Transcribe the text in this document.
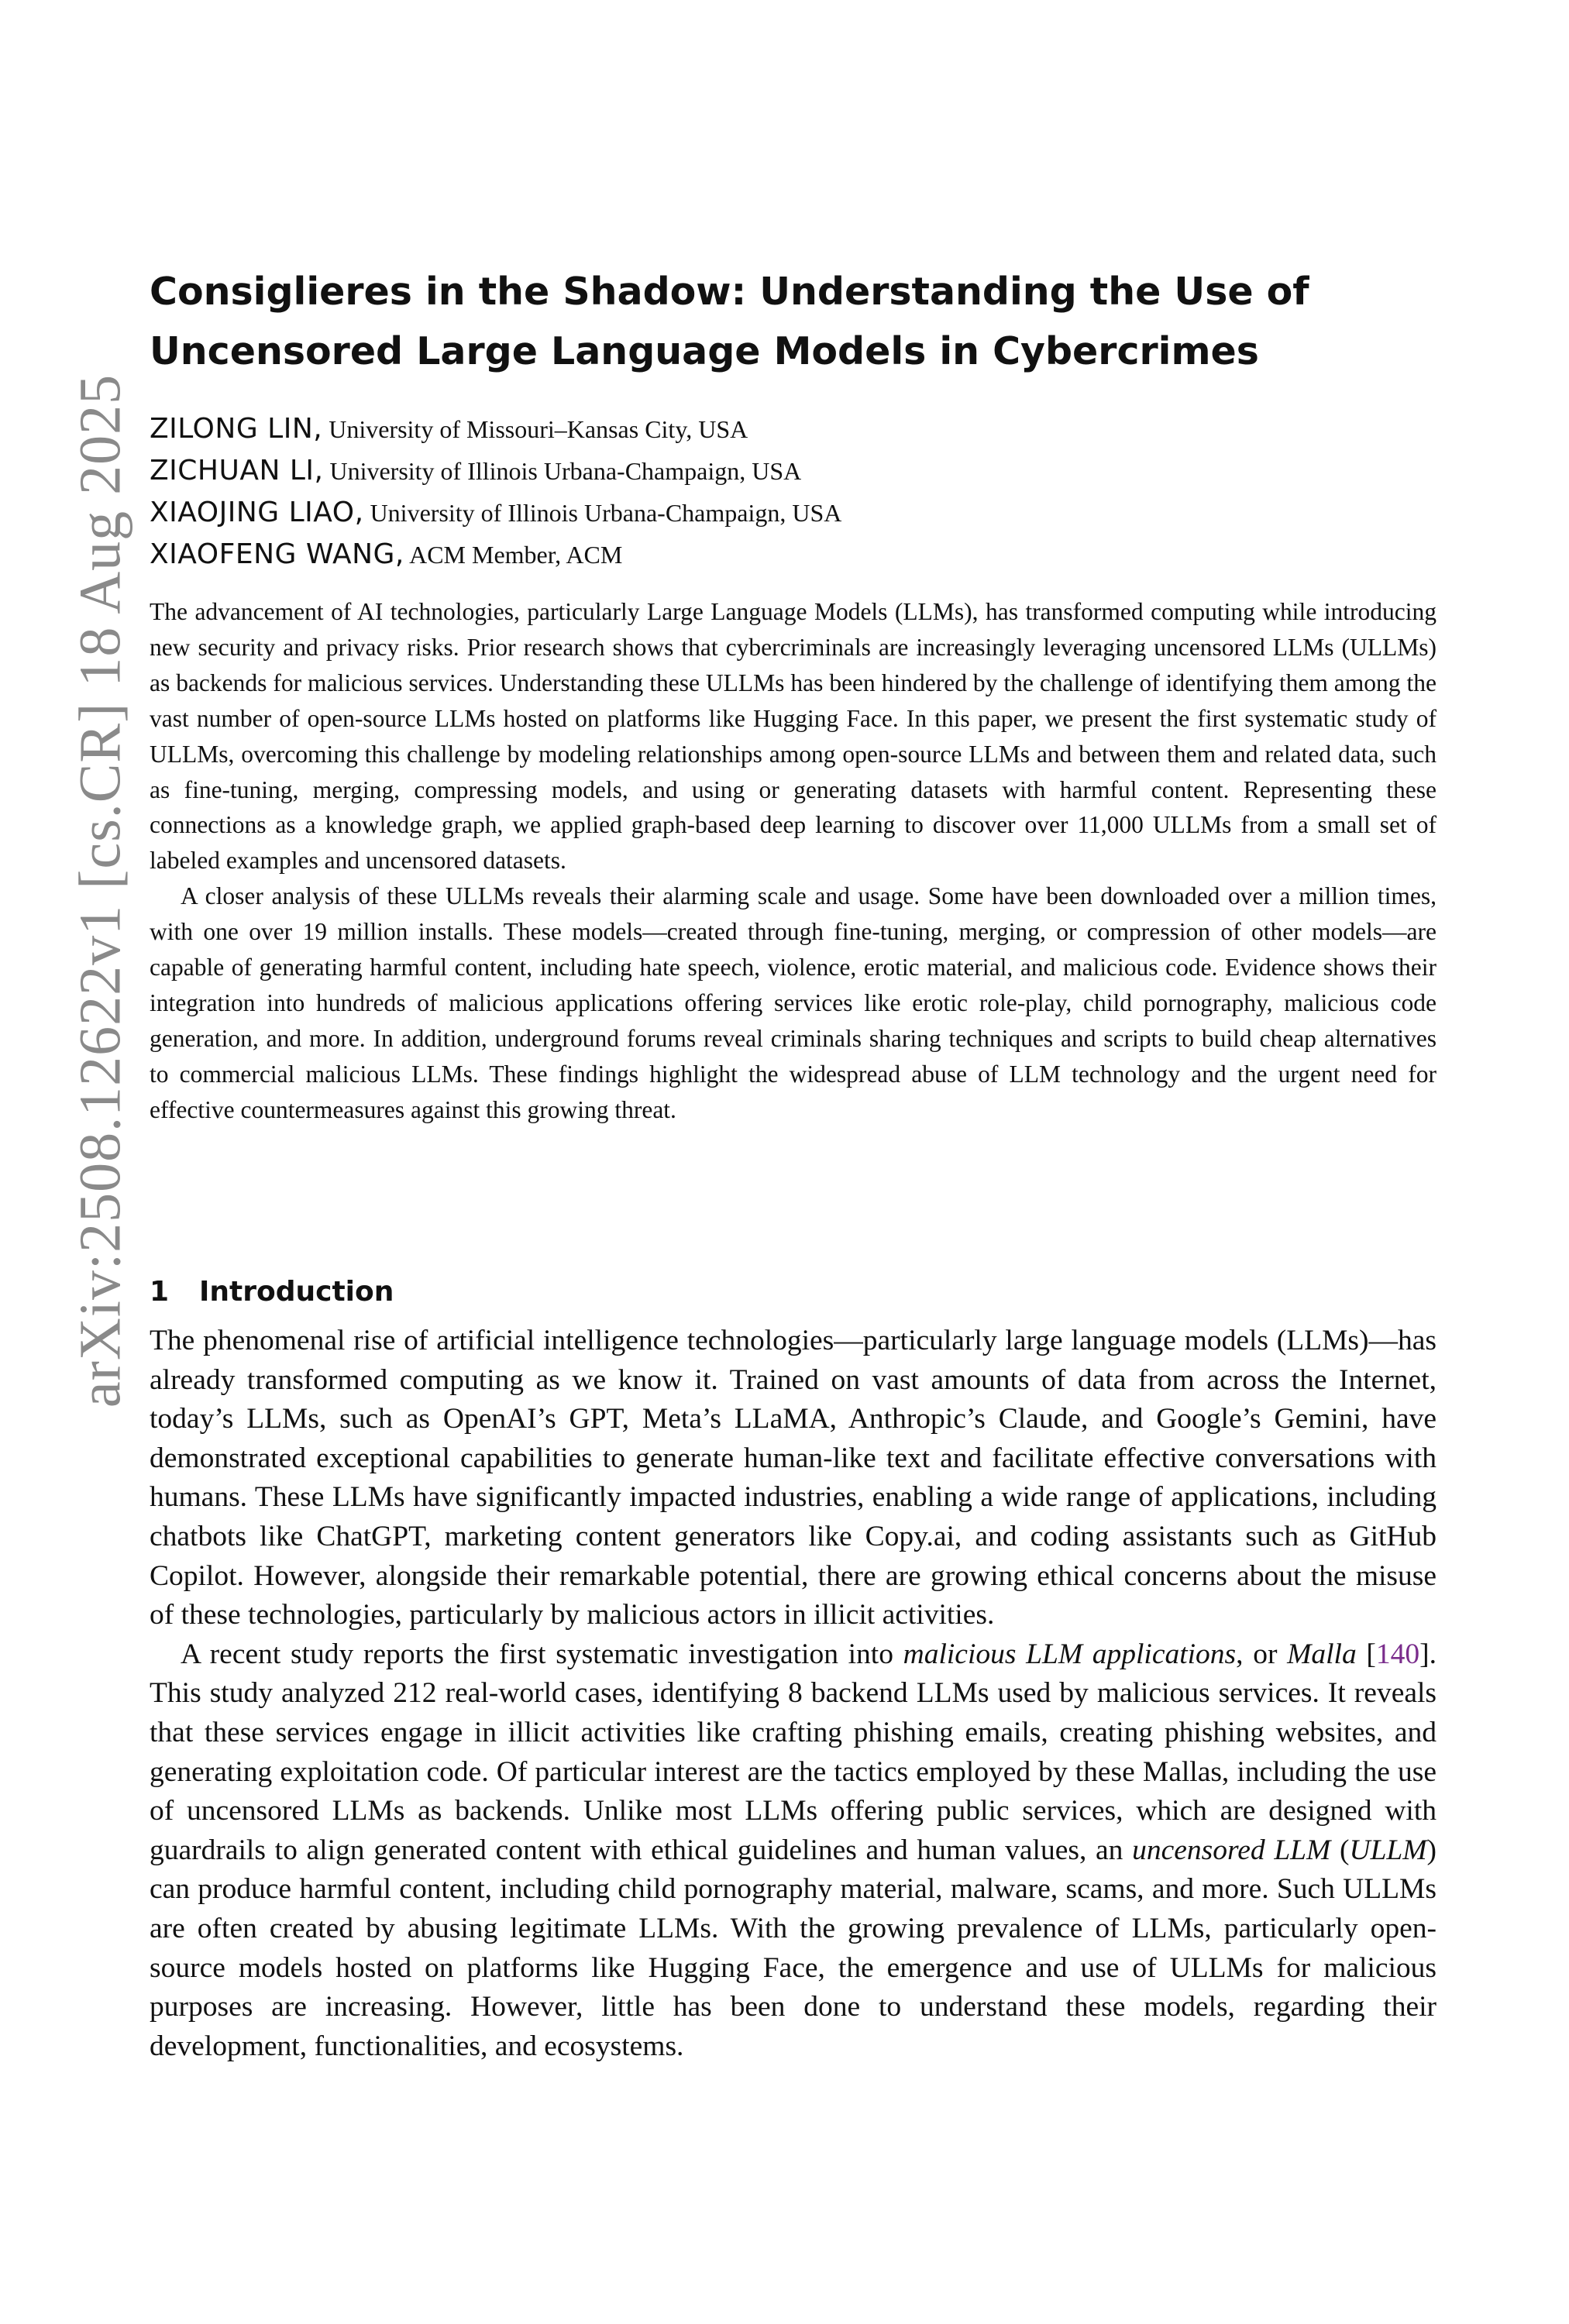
arXiv:2508.12622v1 [cs.CR] 18 Aug 2025
Consiglieres in the Shadow: Understanding the Use of
Uncensored Large Language Models in Cybercrimes
ZILONG LIN, University of Missouri–Kansas City, USA
ZICHUAN LI, University of Illinois Urbana-Champaign, USA
XIAOJING LIAO, University of Illinois Urbana-Champaign, USA
XIAOFENG WANG, ACM Member, ACM

The advancement of AI technologies, particularly Large Language Models (LLMs), has transformed computing while introducing new security and privacy risks. Prior research shows that cybercriminals are increasingly leveraging uncensored LLMs (ULLMs) as backends for malicious services. Understanding these ULLMs has been hindered by the challenge of identifying them among the vast number of open-source LLMs hosted on platforms like Hugging Face. In this paper, we present the first systematic study of ULLMs, overcoming this challenge by modeling relationships among open-source LLMs and between them and related data, such as fine-tuning, merging, compressing models, and using or generating datasets with harmful content. Representing these connections as a knowledge graph, we applied graph-based deep learning to discover over 11,000 ULLMs from a small set of labeled examples and uncensored datasets.

A closer analysis of these ULLMs reveals their alarming scale and usage. Some have been downloaded over a million times, with one over 19 million installs. These models—created through fine-tuning, merging, or compression of other models—are capable of generating harmful content, including hate speech, violence, erotic material, and malicious code. Evidence shows their integration into hundreds of malicious applications offering services like erotic role-play, child pornography, malicious code generation, and more. In addition, underground forums reveal criminals sharing techniques and scripts to build cheap alternatives to commercial malicious LLMs. These findings highlight the widespread abuse of LLM technology and the urgent need for effective countermeasures against this growing threat.

1 Introduction

The phenomenal rise of artificial intelligence technologies—particularly large language models (LLMs)—has already transformed computing as we know it. Trained on vast amounts of data from across the Internet, today’s LLMs, such as OpenAI’s GPT, Meta’s LLaMA, Anthropic’s Claude, and Google’s Gemini, have demonstrated exceptional capabilities to generate human-like text and facilitate effective conversations with humans. These LLMs have significantly impacted industries, enabling a wide range of applications, including chatbots like ChatGPT, marketing content generators like Copy.ai, and coding assistants such as GitHub Copilot. However, alongside their remarkable potential, there are growing ethical concerns about the misuse of these technologies, particularly by malicious actors in illicit activities.

A recent study reports the first systematic investigation into malicious LLM applications, or Malla [140]. This study analyzed 212 real-world cases, identifying 8 backend LLMs used by malicious services. It reveals that these services engage in illicit activities like crafting phishing emails, creating phishing websites, and generating exploitation code. Of particular interest are the tactics employed by these Mallas, including the use of uncensored LLMs as backends. Unlike most LLMs offering public services, which are designed with guardrails to align generated content with ethical guidelines and human values, an uncensored LLM (ULLM) can produce harmful content, including child pornography material, malware, scams, and more. Such ULLMs are often created by abusing legitimate LLMs. With the growing prevalence of LLMs, particularly open-source models hosted on platforms like Hugging Face, the emergence and use of ULLMs for malicious purposes are increasing. However, little has been done to understand these models, regarding their development, functionalities, and ecosystems.
